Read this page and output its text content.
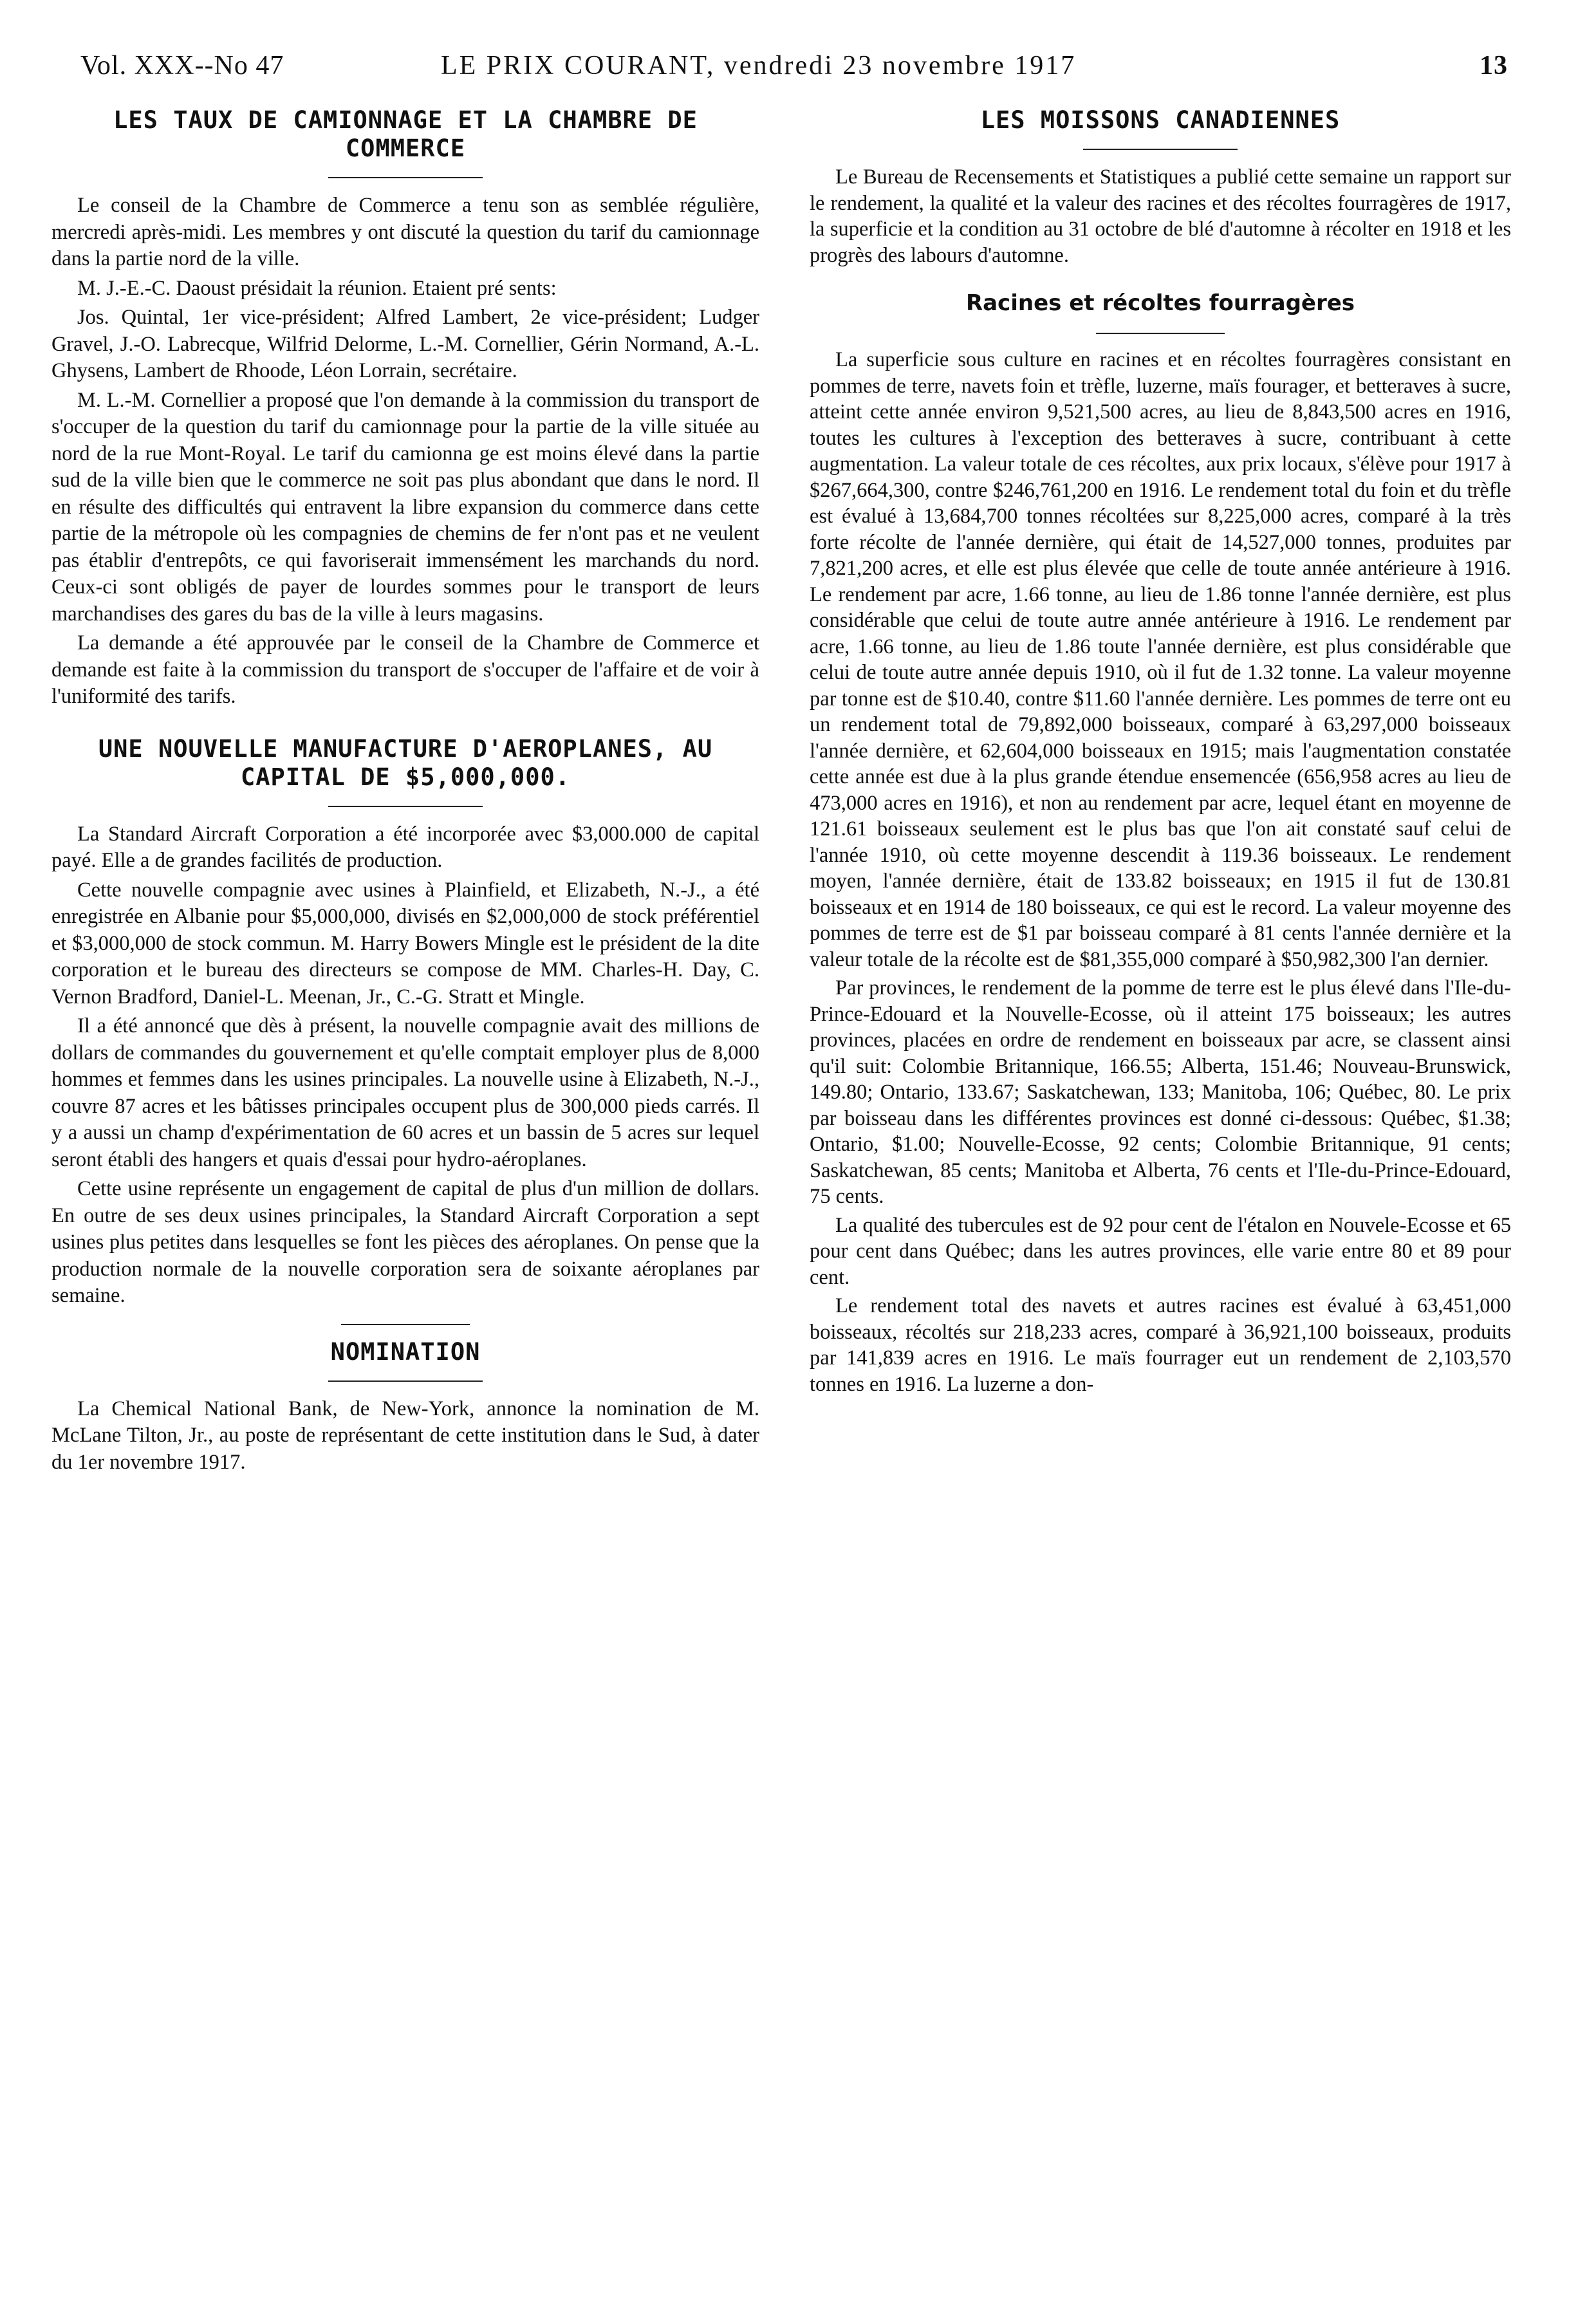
Vol. XXX--No 47	LE PRIX COURANT, vendredi 23 novembre 1917	13
LES TAUX DE CAMIONNAGE ET LA CHAMBRE DE COMMERCE

Le conseil de la Chambre de Commerce a tenu son as semblée régulière, mercredi après-midi. Les membres y ont discuté la question du tarif du camionnage dans la partie nord de la ville.

M. J.-E.-C. Daoust présidait la réunion. Etaient pré sents:

Jos. Quintal, 1er vice-président; Alfred Lambert, 2e vice-président; Ludger Gravel, J.-O. Labrecque, Wilfrid Delorme, L.-M. Cornellier, Gérin Normand, A.-L. Ghysens, Lambert de Rhoode, Léon Lorrain, secrétaire.

M. L.-M. Cornellier a proposé que l'on demande à la commission du transport de s'occuper de la question du tarif du camionnage pour la partie de la ville située au nord de la rue Mont-Royal. Le tarif du camionna ge est moins élevé dans la partie sud de la ville bien que le commerce ne soit pas plus abondant que dans le nord. Il en résulte des difficultés qui entravent la libre expansion du commerce dans cette partie de la métropole où les compagnies de chemins de fer n'ont pas et ne veulent pas établir d'entrepôts, ce qui favoriserait immensément les marchands du nord. Ceux-ci sont obligés de payer de lourdes sommes pour le transport de leurs marchandises des gares du bas de la ville à leurs magasins.

La demande a été approuvée par le conseil de la Chambre de Commerce et demande est faite à la commission du transport de s'occuper de l'affaire et de voir à l'uniformité des tarifs.

UNE NOUVELLE MANUFACTURE D'AEROPLANES, AU CAPITAL DE $5,000,000.

La Standard Aircraft Corporation a été incorporée avec $3,000.000 de capital payé. Elle a de grandes facilités de production.

Cette nouvelle compagnie avec usines à Plainfield, et Elizabeth, N.-J., a été enregistrée en Albanie pour $5,000,000, divisés en $2,000,000 de stock préférentiel et $3,000,000 de stock commun. M. Harry Bowers Mingle est le président de la dite corporation et le bureau des directeurs se compose de MM. Charles-H. Day, C. Vernon Bradford, Daniel-L. Meenan, Jr., C.-G. Stratt et Mingle.

Il a été annoncé que dès à présent, la nouvelle compagnie avait des millions de dollars de commandes du gouvernement et qu'elle comptait employer plus de 8,000 hommes et femmes dans les usines principales. La nouvelle usine à Elizabeth, N.-J., couvre 87 acres et les bâtisses principales occupent plus de 300,000 pieds carrés. Il y a aussi un champ d'expérimentation de 60 acres et un bassin de 5 acres sur lequel seront établi des hangers et quais d'essai pour hydro-aéroplanes.

Cette usine représente un engagement de capital de plus d'un million de dollars. En outre de ses deux usines principales, la Standard Aircraft Corporation a sept usines plus petites dans lesquelles se font les pièces des aéroplanes. On pense que la production normale de la nouvelle corporation sera de soixante aéroplanes par semaine.

NOMINATION

La Chemical National Bank, de New-York, annonce la nomination de M. McLane Tilton, Jr., au poste de représentant de cette institution dans le Sud, à dater du 1er novembre 1917.

LES MOISSONS CANADIENNES

Le Bureau de Recensements et Statistiques a publié cette semaine un rapport sur le rendement, la qualité et la valeur des racines et des récoltes fourragères de 1917, la superficie et la condition au 31 octobre de blé d'automne à récolter en 1918 et les progrès des labours d'automne.

Racines et récoltes fourragères

La superficie sous culture en racines et en récoltes fourragères consistant en pommes de terre, navets foin et trèfle, luzerne, maïs fourager, et betteraves à sucre, atteint cette année environ 9,521,500 acres, au lieu de 8,843,500 acres en 1916, toutes les cultures à l'exception des betteraves à sucre, contribuant à cette augmentation. La valeur totale de ces récoltes, aux prix locaux, s'élève pour 1917 à $267,664,300, contre $246,761,200 en 1916. Le rendement total du foin et du trèfle est évalué à 13,684,700 tonnes récoltées sur 8,225,000 acres, comparé à la très forte récolte de l'année dernière, qui était de 14,527,000 tonnes, produites par 7,821,200 acres, et elle est plus élevée que celle de toute année antérieure à 1916. Le rendement par acre, 1.66 tonne, au lieu de 1.86 tonne l'année dernière, est plus considérable que celui de toute autre année antérieure à 1916. Le rendement par acre, 1.66 tonne, au lieu de 1.86 toute l'année dernière, est plus considérable que celui de toute autre année depuis 1910, où il fut de 1.32 tonne. La valeur moyenne par tonne est de $10.40, contre $11.60 l'année dernière. Les pommes de terre ont eu un rendement total de 79,892,000 boisseaux, comparé à 63,297,000 boisseaux l'année dernière, et 62,604,000 boisseaux en 1915; mais l'augmentation constatée cette année est due à la plus grande étendue ensemencée (656,958 acres au lieu de 473,000 acres en 1916), et non au rendement par acre, lequel étant en moyenne de 121.61 boisseaux seulement est le plus bas que l'on ait constaté sauf celui de l'année 1910, où cette moyenne descendit à 119.36 boisseaux. Le rendement moyen, l'année dernière, était de 133.82 boisseaux; en 1915 il fut de 130.81 boisseaux et en 1914 de 180 boisseaux, ce qui est le record. La valeur moyenne des pommes de terre est de $1 par boisseau comparé à 81 cents l'année dernière et la valeur totale de la récolte est de $81,355,000 comparé à $50,982,300 l'an dernier.

Par provinces, le rendement de la pomme de terre est le plus élevé dans l'Ile-du-Prince-Edouard et la Nouvelle-Ecosse, où il atteint 175 boisseaux; les autres provinces, placées en ordre de rendement en boisseaux par acre, se classent ainsi qu'il suit: Colombie Britannique, 166.55; Alberta, 151.46; Nouveau-Brunswick, 149.80; Ontario, 133.67; Saskatchewan, 133; Manitoba, 106; Québec, 80. Le prix par boisseau dans les différentes provinces est donné ci-dessous: Québec, $1.38; Ontario, $1.00; Nouvelle-Ecosse, 92 cents; Colombie Britannique, 91 cents; Saskatchewan, 85 cents; Manitoba et Alberta, 76 cents et l'Ile-du-Prince-Edouard, 75 cents.

La qualité des tubercules est de 92 pour cent de l'étalon en Nouvele-Ecosse et 65 pour cent dans Québec; dans les autres provinces, elle varie entre 80 et 89 pour cent.

Le rendement total des navets et autres racines est évalué à 63,451,000 boisseaux, récoltés sur 218,233 acres, comparé à 36,921,100 boisseaux, produits par 141,839 acres en 1916. Le maïs fourrager eut un rendement de 2,103,570 tonnes en 1916. La luzerne a don-
